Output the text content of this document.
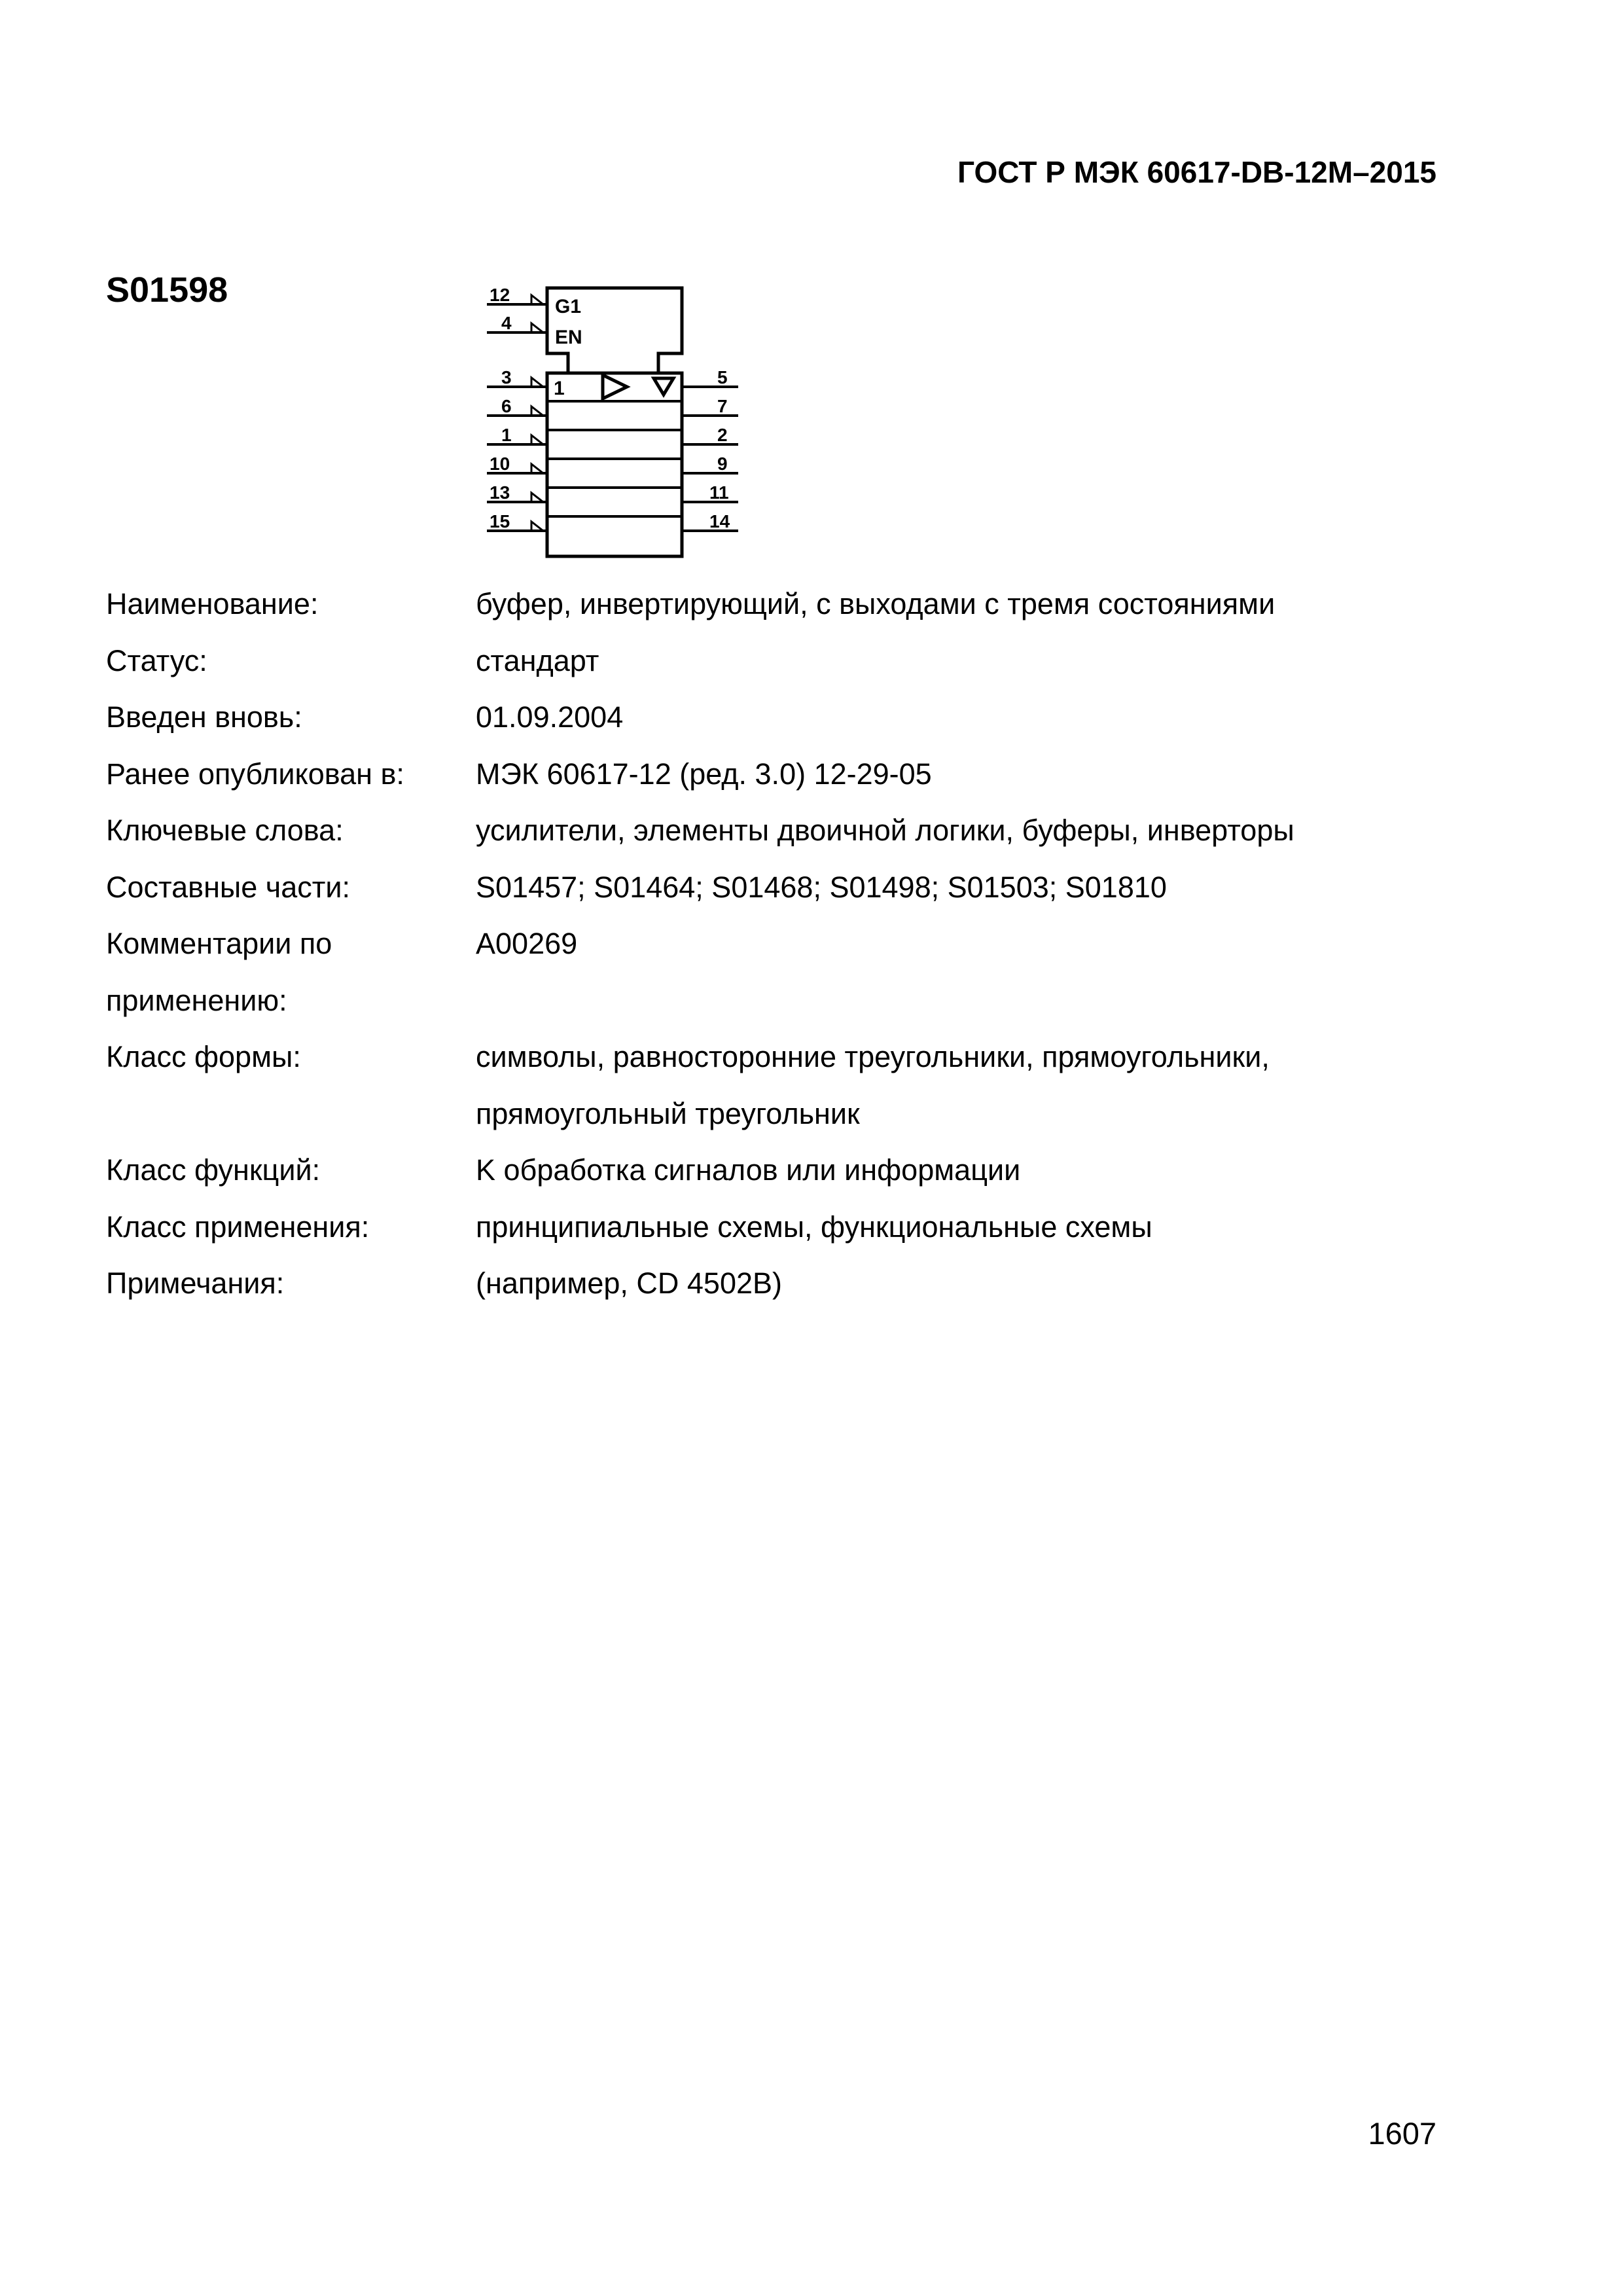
ГОСТ Р МЭК 60617-DB-12M–2015
S01598	G1
EN
1
12
4
3
6
1
10
13
15
5
7
2
9
11
14
Наименование:	буфер, инвертирующий, с выходами с тремя состояниями
Статус:	стандарт
Введен вновь:	01.09.2004
Ранее опубликован в:	МЭК 60617-12 (ред. 3.0) 12-29-05
Ключевые слова:	усилители, элементы двоичной логики, буферы, инверторы
Составные части:	S01457; S01464; S01468; S01498; S01503; S01810
Комментарии по применению:
A00269
Класс формы:	символы, равносторонние треугольники, прямоугольники, прямоугольный треугольник
Класс функций:	K обработка сигналов или информации
Класс применения:	принципиальные схемы, функциональные схемы
Примечания:	(например, CD 4502B)
1607
